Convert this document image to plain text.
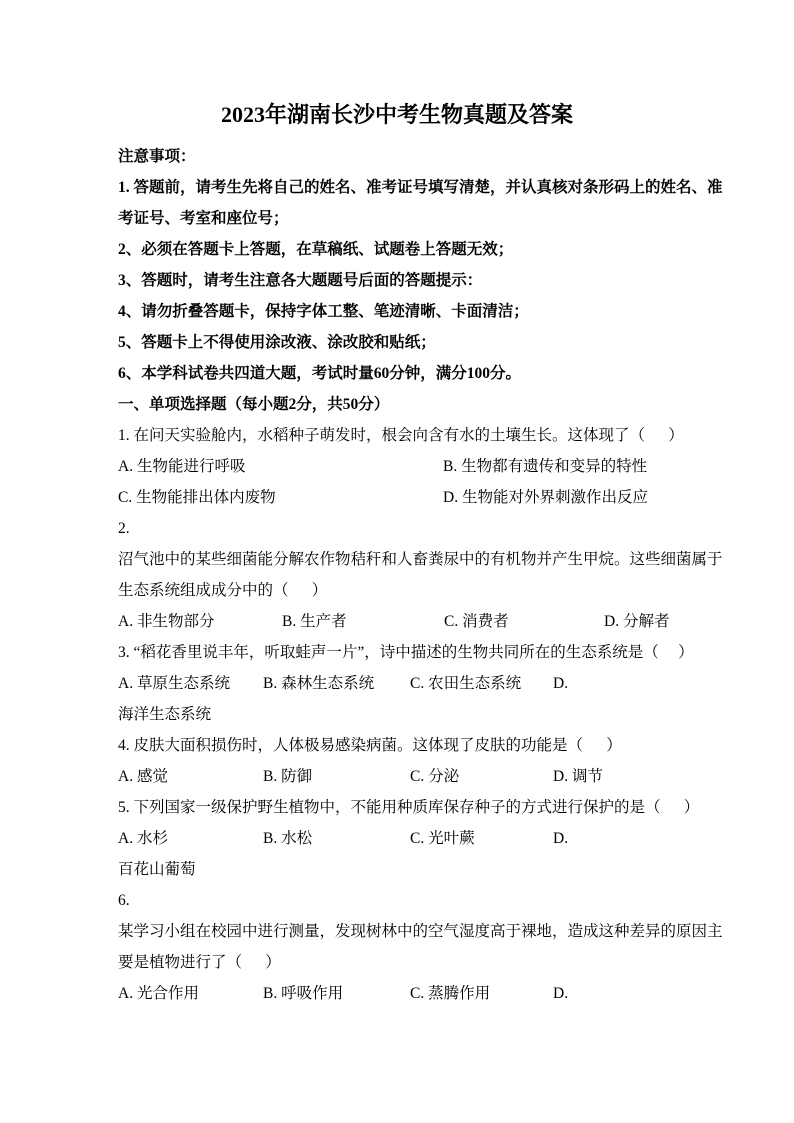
2023年湖南长沙中考生物真题及答案

注意事项：

1. 答题前，请考生先将自己的姓名、准考证号填写清楚，并认真核对条形码上的姓名、准

考证号、考室和座位号；

2、必须在答题卡上答题，在草稿纸、试题卷上答题无效；

3、答题时，请考生注意各大题题号后面的答题提示：

4、请勿折叠答题卡，保持字体工整、笔迹清晰、卡面清洁；

5、答题卡上不得使用涂改液、涂改胶和贴纸；

6、本学科试卷共四道大题，考试时量60分钟，满分100分。

一、单项选择题（每小题2分，共50分）

1. 在问天实验舱内，水稻种子萌发时，根会向含有水的土壤生长。这体现了（      ）

A. 生物能进行呼吸	B. 生物都有遗传和变异的特性
C. 生物能排出体内废物	D. 生物能对外界刺激作出反应

2.

沼气池中的某些细菌能分解农作物秸秆和人畜粪尿中的有机物并产生甲烷。这些细菌属于

生态系统组成成分中的（      ）

A. 非生物部分	B. 生产者	C. 消费者	D. 分解者

3. “稻花香里说丰年，听取蛙声一片”，诗中描述的生物共同所在的生态系统是（     ）

A. 草原生态系统 B. 森林生态系统 C. 农田生态系统 D.

海洋生态系统

4. 皮肤大面积损伤时，人体极易感染病菌。这体现了皮肤的功能是（      ）

A. 感觉	B. 防御	C. 分泌	D. 调节

5. 下列国家一级保护野生植物中，不能用种质库保存种子的方式进行保护的是（      ）

A. 水杉	B. 水松	C. 光叶蕨	D.

百花山葡萄

6.

某学习小组在校园中进行测量，发现树林中的空气湿度高于裸地，造成这种差异的原因主

要是植物进行了（      ）

A. 光合作用	B. 呼吸作用	C. 蒸腾作用	D.
